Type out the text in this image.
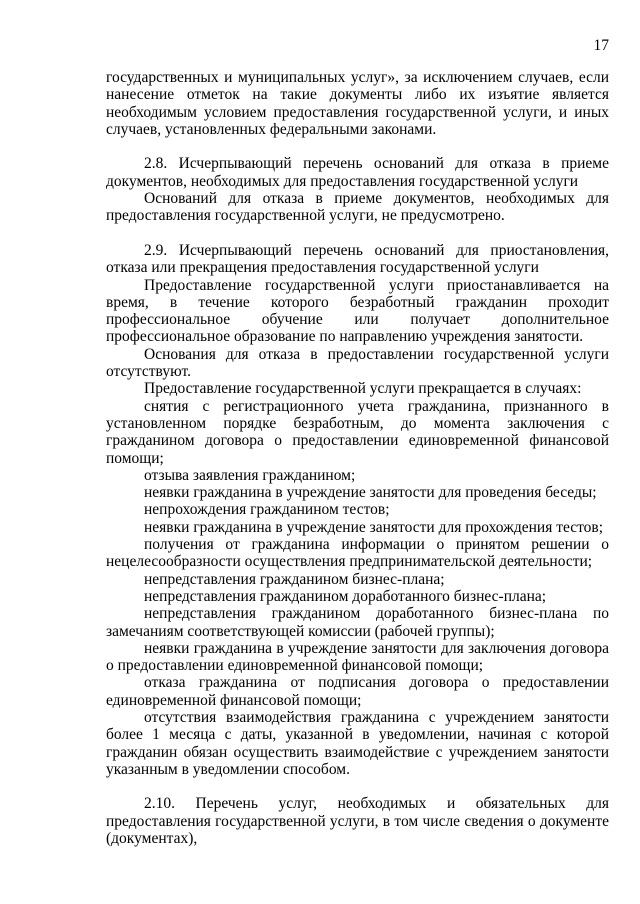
17

государственных и муниципальных услуг», за исключением случаев, если нанесение отметок на такие документы либо их изъятие является необходимым условием предоставления государственной услуги, и иных случаев, установленных федеральными законами.

2.8. Исчерпывающий перечень оснований для отказа в приеме документов, необходимых для предоставления государственной услуги

Оснований для отказа в приеме документов, необходимых для предоставления государственной услуги, не предусмотрено.

2.9. Исчерпывающий перечень оснований для приостановления, отказа или прекращения предоставления государственной услуги

Предоставление государственной услуги приостанавливается на время, в течение которого безработный гражданин проходит профессиональное обучение или получает дополнительное профессиональное образование по направлению учреждения занятости.

Основания для отказа в предоставлении государственной услуги отсутствуют.

Предоставление государственной услуги прекращается в случаях:

снятия с регистрационного учета гражданина, признанного в установленном порядке безработным, до момента заключения с гражданином договора о предоставлении единовременной финансовой помощи;

отзыва заявления гражданином;

неявки гражданина в учреждение занятости для проведения беседы;

непрохождения гражданином тестов;

неявки гражданина в учреждение занятости для прохождения тестов;

получения от гражданина информации о принятом решении о нецелесообразности осуществления предпринимательской деятельности;

непредставления гражданином бизнес-плана;

непредставления гражданином доработанного бизнес-плана;

непредставления гражданином доработанного бизнес-плана по замечаниям соответствующей комиссии (рабочей группы);

неявки гражданина в учреждение занятости для заключения договора о предоставлении единовременной финансовой помощи;

отказа гражданина от подписания договора о предоставлении единовременной финансовой помощи;

отсутствия взаимодействия гражданина с учреждением занятости более 1 месяца с даты, указанной в уведомлении, начиная с которой гражданин обязан осуществить взаимодействие с учреждением занятости указанным в уведомлении способом.

2.10. Перечень услуг, необходимых и обязательных для предоставления государственной услуги, в том числе сведения о документе (документах),
